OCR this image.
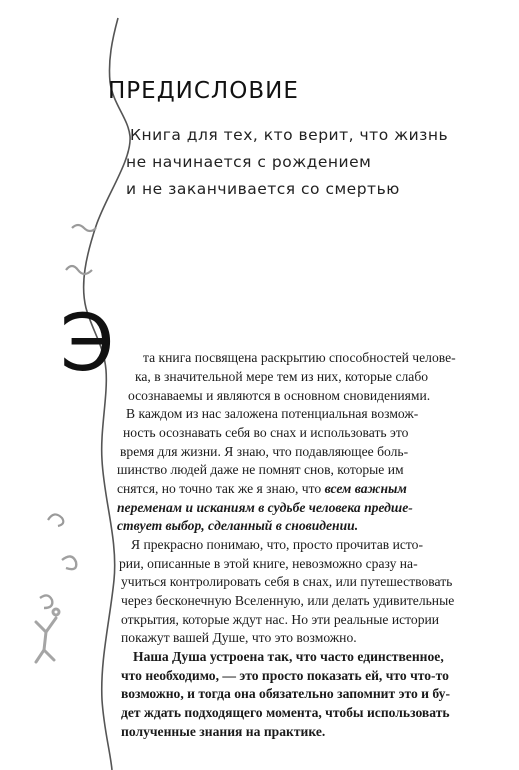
ПРЕДИСЛОВИЕ
Книга для тех, кто верит, что жизнь
не начинается с рождением
и не заканчивается со смертью
Э та книга посвящена раскрытию способностей челове-
ка, в значительной мере тем из них, которые слабо
осознаваемы и являются в основном сновидениями.
В каждом из нас заложена потенциальная возмож-
ность осознавать себя во снах и использовать это
время для жизни. Я знаю, что подавляющее боль-
шинство людей даже не помнят снов, которые им
снятся, но точно так же я знаю, что всем важным
переменам и исканиям в судьбе человека предше-
ствует выбор, сделанный в сновидении.
Я прекрасно понимаю, что, просто прочитав исто-
рии, описанные в этой книге, невозможно сразу на-
учиться контролировать себя в снах, или путешествовать
через бесконечную Вселенную, или делать удивительные
открытия, которые ждут нас. Но эти реальные истории
покажут вашей Душе, что это возможно.
Наша Душа устроена так, что часто единственное,
что необходимо, — это просто показать ей, что что-то
возможно, и тогда она обязательно запомнит это и бу-
дет ждать подходящего момента, чтобы использовать
полученные знания на практике.
